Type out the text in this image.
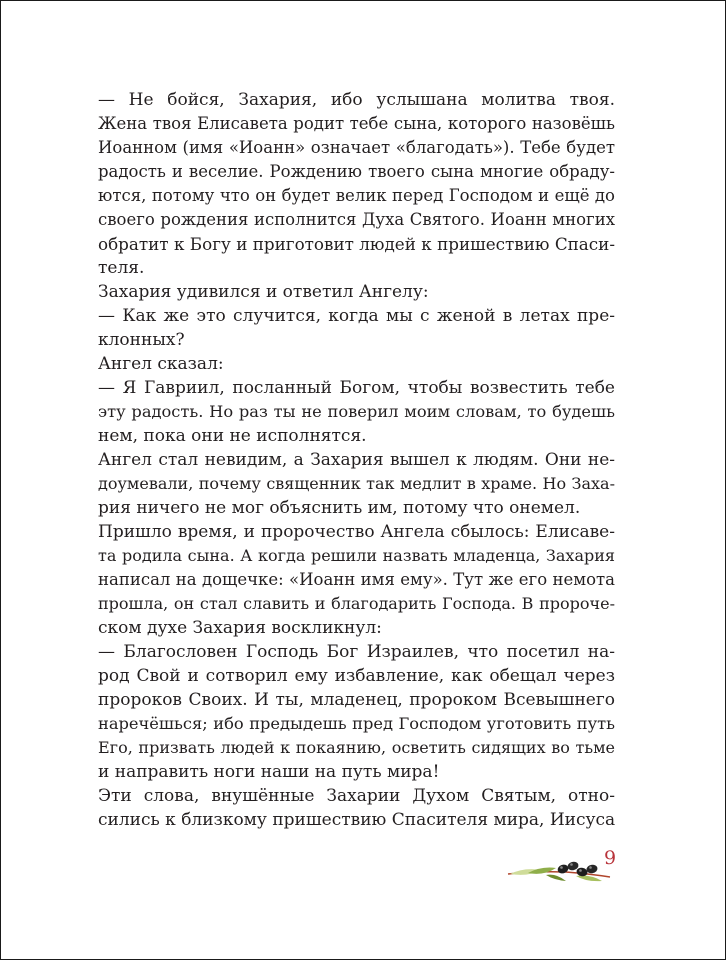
— Не бойся, Захария, ибо услышана молитва твоя.
Жена твоя Елисавета родит тебе сына, которого назовёшь
Иоанном (имя «Иоанн» означает «благодать»). Тебе будет
радость и веселие. Рождению твоего сына многие обраду-
ются, потому что он будет велик перед Господом и ещё до
своего рождения исполнится Духа Святого. Иоанн многих
обратит к Богу и приготовит людей к пришествию Спаси-
теля.
Захария удивился и ответил Ангелу:
— Как же это случится, когда мы с женой в летах пре-
клонных?
Ангел сказал:
— Я Гавриил, посланный Богом, чтобы возвестить тебе
эту радость. Но раз ты не поверил моим словам, то будешь
нем, пока они не исполнятся.
Ангел стал невидим, а Захария вышел к людям. Они не-
доумевали, почему священник так медлит в храме. Но Заха-
рия ничего не мог объяснить им, потому что онемел.
Пришло время, и пророчество Ангела сбылось: Елисаве-
та родила сына. А когда решили назвать младенца, Захария
написал на дощечке: «Иоанн имя ему». Тут же его немота
прошла, он стал славить и благодарить Господа. В пророче-
ском духе Захария воскликнул:
— Благословен Господь Бог Израилев, что посетил на-
род Свой и сотворил ему избавление, как обещал через
пророков Своих. И ты, младенец, пророком Всевышнего
наречёшься; ибо предыдешь пред Господом уготовить путь
Его, призвать людей к покаянию, осветить сидящих во тьме
и направить ноги наши на путь мира!
Эти слова, внушённые Захарии Духом Святым, отно-
сились к близкому пришествию Спасителя мира, Иисуса
9
